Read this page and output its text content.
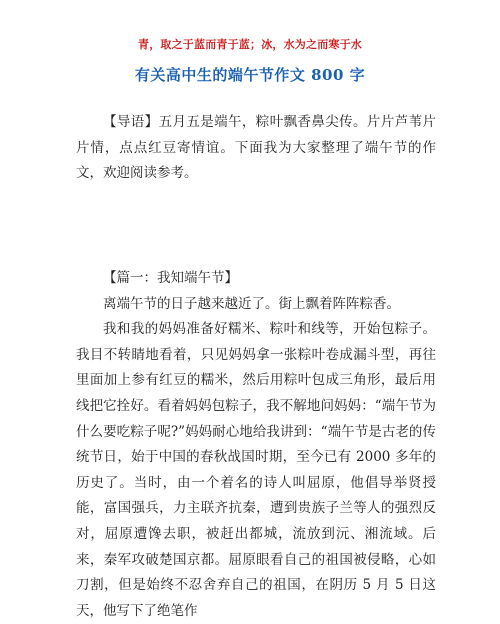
青，取之于蓝而青于蓝；冰，水为之而寒于水
有关高中生的端午节作文 800 字

【导语】五月五是端午，粽叶飘香鼻尖传。片片芦苇片片情，点点红豆寄情谊。下面我为大家整理了端午节的作文，欢迎阅读参考。

【篇一：我知端午节】

离端午节的日子越来越近了。街上飘着阵阵粽香。

我和我的妈妈准备好糯米、粽叶和线等，开始包粽子。我目不转睛地看着，只见妈妈拿一张粽叶卷成漏斗型，再往里面加上参有红豆的糯米，然后用粽叶包成三角形，最后用线把它拴好。看着妈妈包粽子，我不解地问妈妈：“端午节为什么要吃粽子呢?”妈妈耐心地给我讲到：“端午节是古老的传统节日，始于中国的春秋战国时期，至今已有 2000 多年的历史了。当时，由一个着名的诗人叫屈原，他倡导举贤授能，富国强兵，力主联齐抗秦，遭到贵族子兰等人的强烈反对，屈原遭馋去职，被赶出都城，流放到沅、湘流域。后来，秦军攻破楚国京都。屈原眼看自己的祖国被侵略，心如刀割，但是始终不忍舍弃自己的祖国，在阴历 5 月 5 日这天，他写下了绝笔作
